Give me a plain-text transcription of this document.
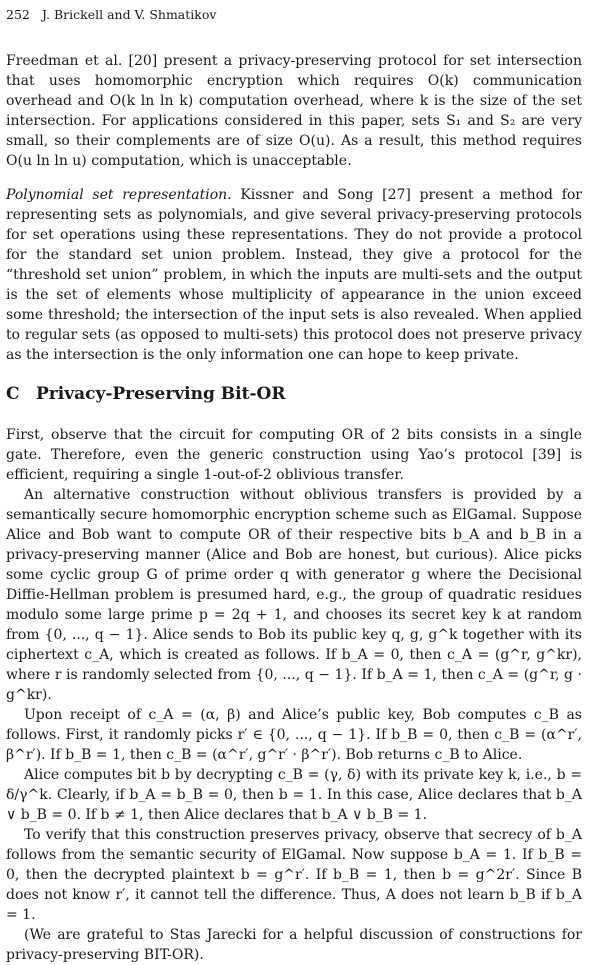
252 J. Brickell and V. Shmatikov

Freedman et al. [20] present a privacy-preserving protocol for set intersection that uses homomorphic encryption which requires O(k) communication overhead and O(k ln ln k) computation overhead, where k is the size of the set intersection. For applications considered in this paper, sets S₁ and S₂ are very small, so their complements are of size O(u). As a result, this method requires O(u ln ln u) computation, which is unacceptable.

Polynomial set representation. Kissner and Song [27] present a method for representing sets as polynomials, and give several privacy-preserving protocols for set operations using these representations. They do not provide a protocol for the standard set union problem. Instead, they give a protocol for the “threshold set union” problem, in which the inputs are multi-sets and the output is the set of elements whose multiplicity of appearance in the union exceed some threshold; the intersection of the input sets is also revealed. When applied to regular sets (as opposed to multi-sets) this protocol does not preserve privacy as the intersection is the only information one can hope to keep private.

C Privacy-Preserving Bit-OR

First, observe that the circuit for computing OR of 2 bits consists in a single gate. Therefore, even the generic construction using Yao’s protocol [39] is efficient, requiring a single 1-out-of-2 oblivious transfer.

An alternative construction without oblivious transfers is provided by a semantically secure homomorphic encryption scheme such as ElGamal. Suppose Alice and Bob want to compute OR of their respective bits b_A and b_B in a privacy-preserving manner (Alice and Bob are honest, but curious). Alice picks some cyclic group G of prime order q with generator g where the Decisional Diffie-Hellman problem is presumed hard, e.g., the group of quadratic residues modulo some large prime p = 2q + 1, and chooses its secret key k at random from {0, ..., q − 1}. Alice sends to Bob its public key q, g, g^k together with its ciphertext c_A, which is created as follows. If b_A = 0, then c_A = (g^r, g^kr), where r is randomly selected from {0, ..., q − 1}. If b_A = 1, then c_A = (g^r, g · g^kr).

Upon receipt of c_A = (α, β) and Alice’s public key, Bob computes c_B as follows. First, it randomly picks r′ ∈ {0, ..., q − 1}. If b_B = 0, then c_B = (α^r′, β^r′). If b_B = 1, then c_B = (α^r′, g^r′ · β^r′). Bob returns c_B to Alice.

Alice computes bit b by decrypting c_B = (γ, δ) with its private key k, i.e., b = δ/γ^k. Clearly, if b_A = b_B = 0, then b = 1. In this case, Alice declares that b_A ∨ b_B = 0. If b ≠ 1, then Alice declares that b_A ∨ b_B = 1.

To verify that this construction preserves privacy, observe that secrecy of b_A follows from the semantic security of ElGamal. Now suppose b_A = 1. If b_B = 0, then the decrypted plaintext b = g^r′. If b_B = 1, then b = g^2r′. Since B does not know r′, it cannot tell the difference. Thus, A does not learn b_B if b_A = 1.

(We are grateful to Stas Jarecki for a helpful discussion of constructions for privacy-preserving BIT-OR).
